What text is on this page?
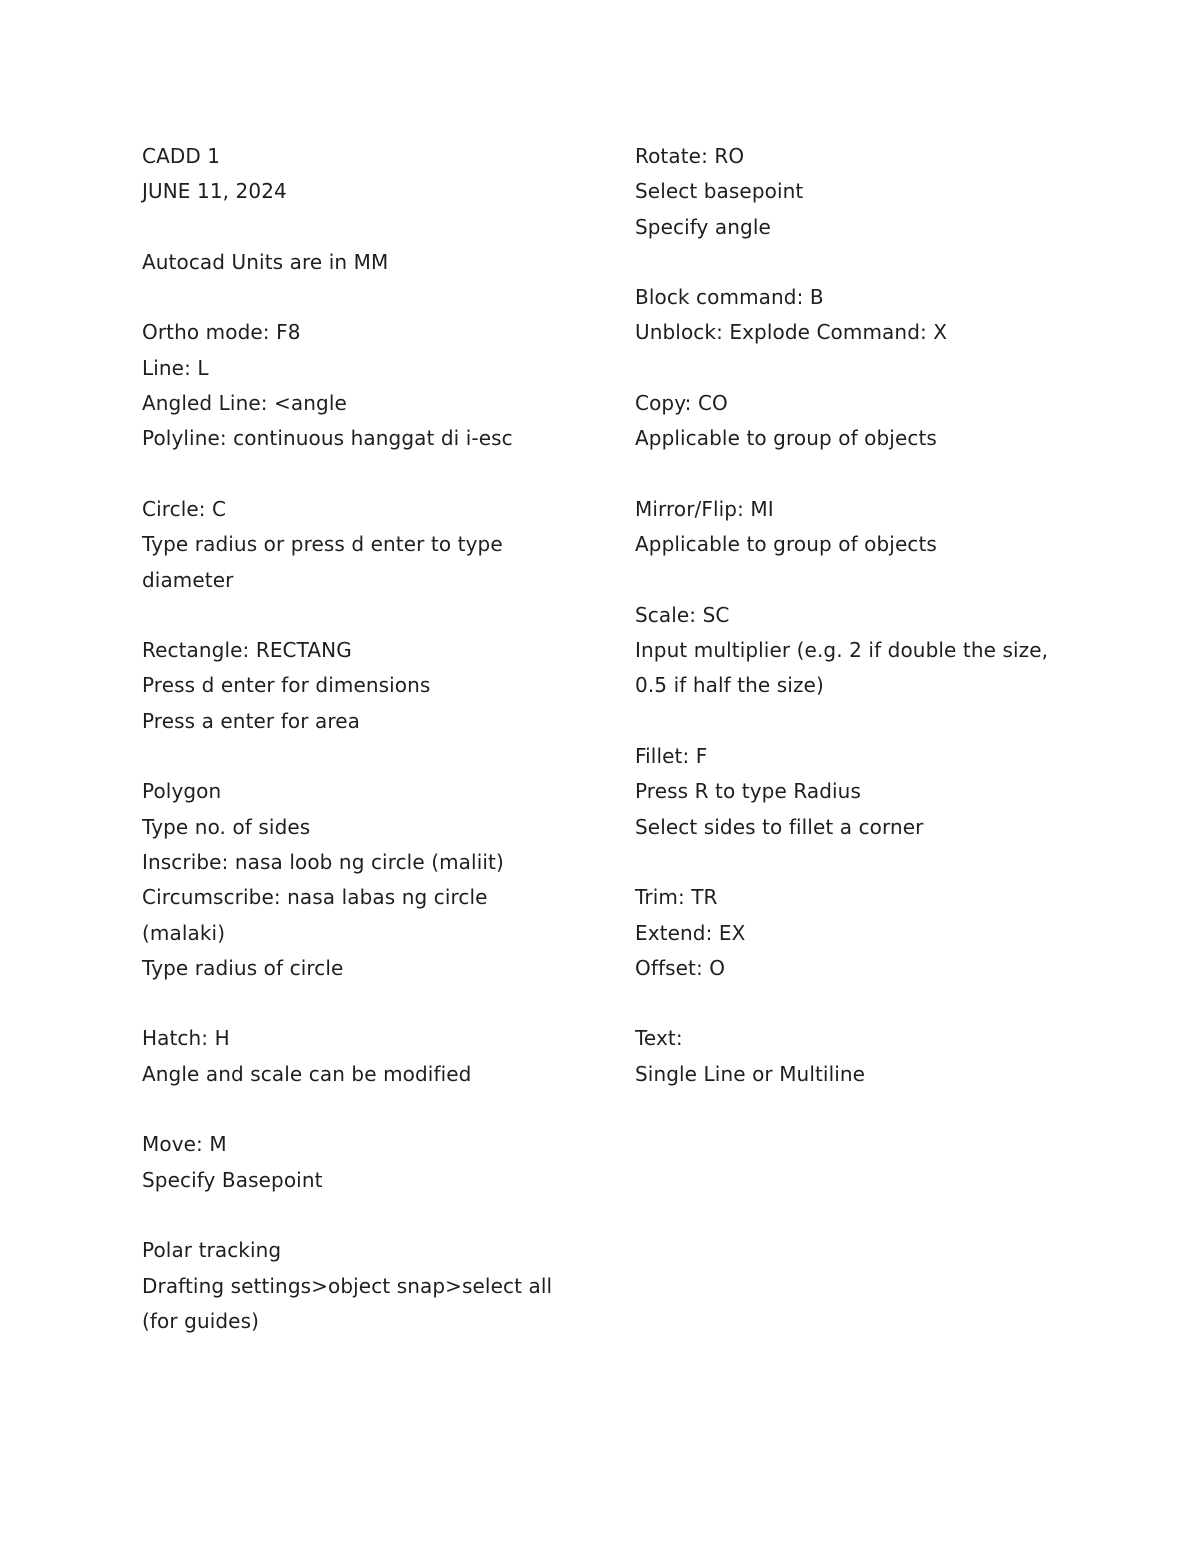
CADD 1
JUNE 11, 2024
Autocad Units are in MM
Ortho mode: F8
Line: L
Angled Line: <angle
Polyline: continuous hanggat di i-esc
Circle: C
Type radius or press d enter to type
diameter
Rectangle: RECTANG
Press d enter for dimensions
Press a enter for area
Polygon
Type no. of sides
Inscribe: nasa loob ng circle (maliit)
Circumscribe: nasa labas ng circle
(malaki)
Type radius of circle
Hatch: H
Angle and scale can be modified
Move: M
Specify Basepoint
Polar tracking
Drafting settings>object snap>select all
(for guides)
Rotate: RO
Select basepoint
Specify angle
Block command: B
Unblock: Explode Command: X
Copy: CO
Applicable to group of objects
Mirror/Flip: MI
Applicable to group of objects
Scale: SC
Input multiplier (e.g. 2 if double the size,
0.5 if half the size)
Fillet: F
Press R to type Radius
Select sides to fillet a corner
Trim: TR
Extend: EX
Offset: O
Text:
Single Line or Multiline
